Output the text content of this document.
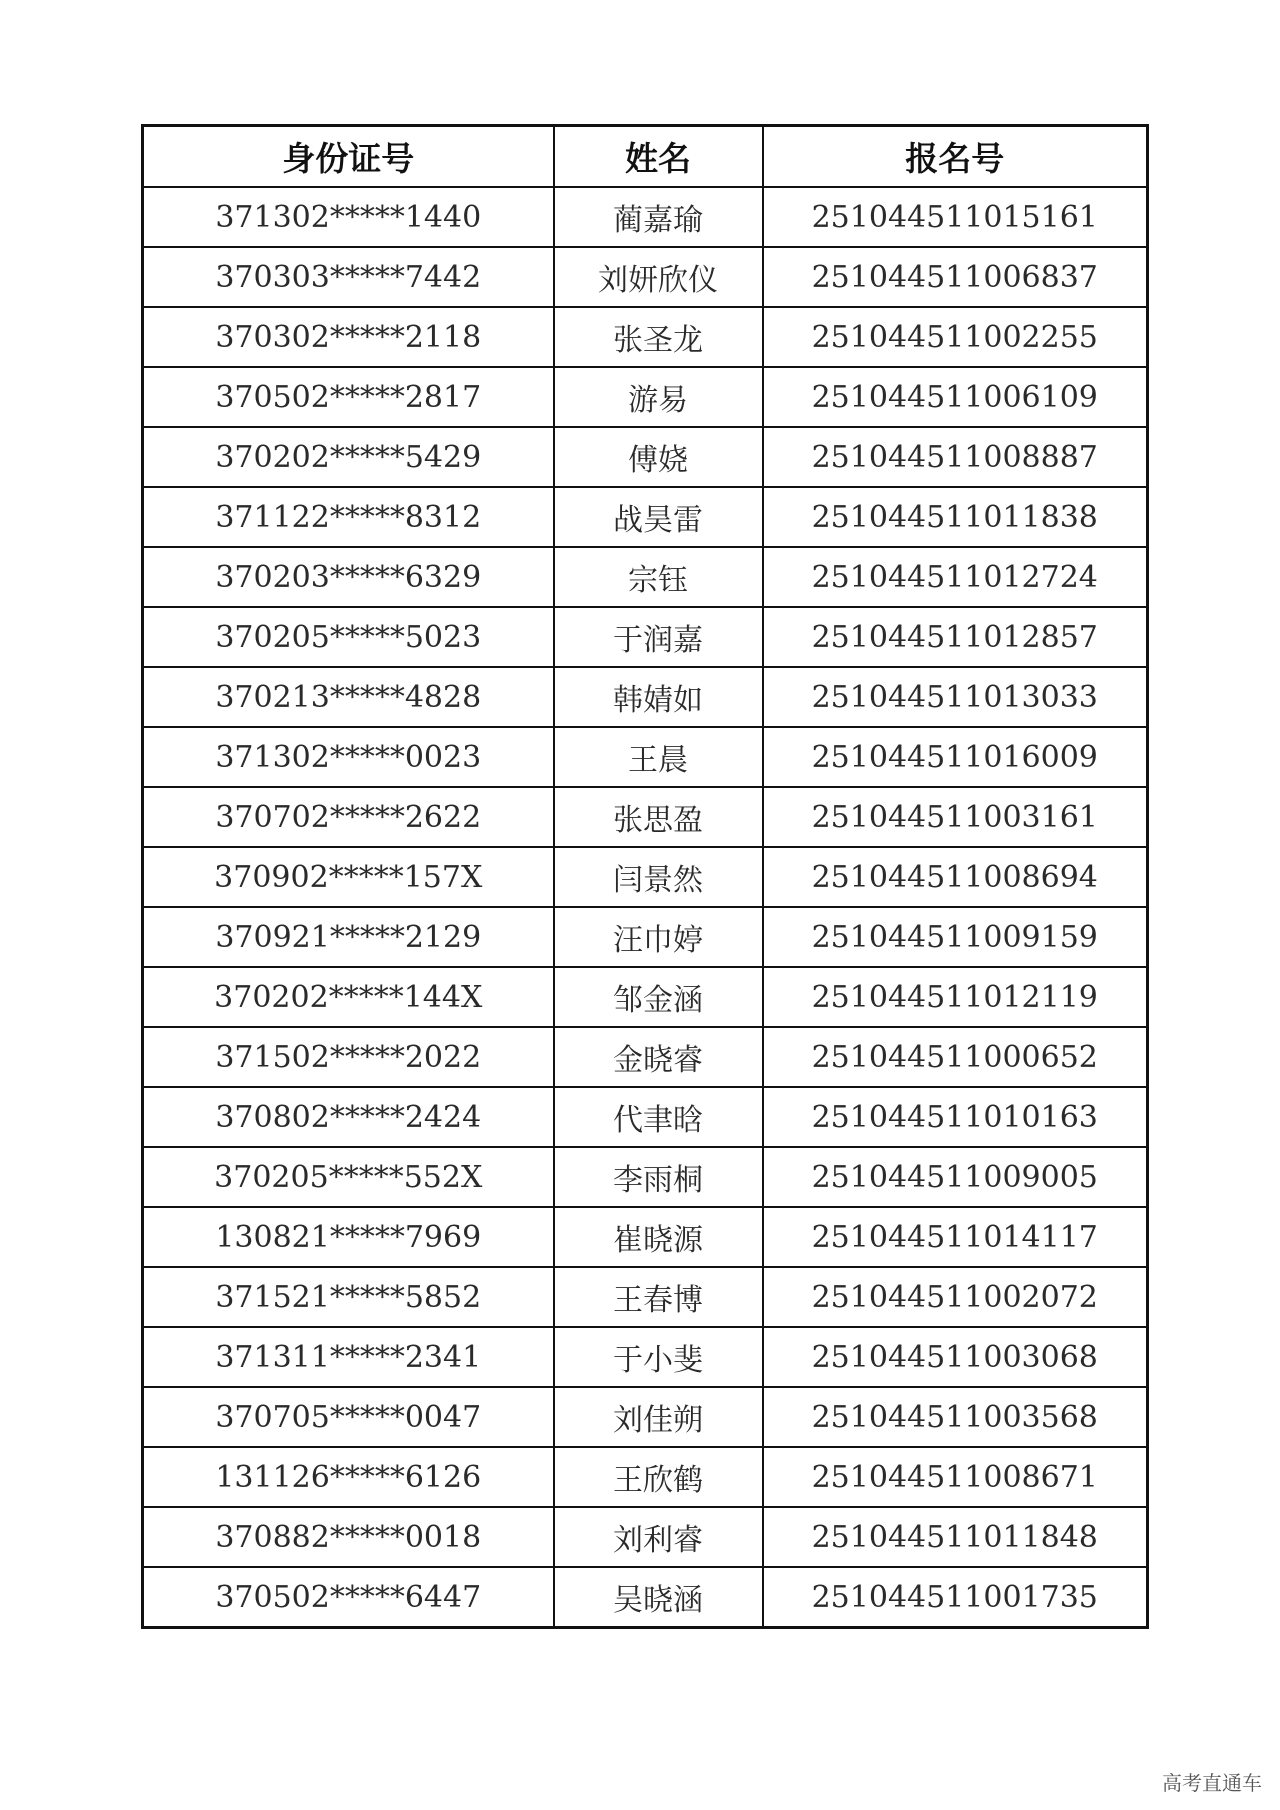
身份证号	姓名	报名号
371302*****1440	蔺嘉瑜	251044511015161
370303*****7442	刘妍欣仪	251044511006837
370302*****2118	张圣龙	251044511002255
370502*****2817	游易	251044511006109
370202*****5429	傅娆	251044511008887
371122*****8312	战昊雷	251044511011838
370203*****6329	宗钰	251044511012724
370205*****5023	于润嘉	251044511012857
370213*****4828	韩婧如	251044511013033
371302*****0023	王晨	251044511016009
370702*****2622	张思盈	251044511003161
370902*****157X	闫景然	251044511008694
370921*****2129	汪巾婷	251044511009159
370202*****144X	邹金涵	251044511012119
371502*****2022	金晓睿	251044511000652
370802*****2424	代聿晗	251044511010163
370205*****552X	李雨桐	251044511009005
130821*****7969	崔晓源	251044511014117
371521*****5852	王春博	251044511002072
371311*****2341	于小斐	251044511003068
370705*****0047	刘佳朔	251044511003568
131126*****6126	王欣鹤	251044511008671
370882*****0018	刘利睿	251044511011848
370502*****6447	吴晓涵	251044511001735
高考直通车
